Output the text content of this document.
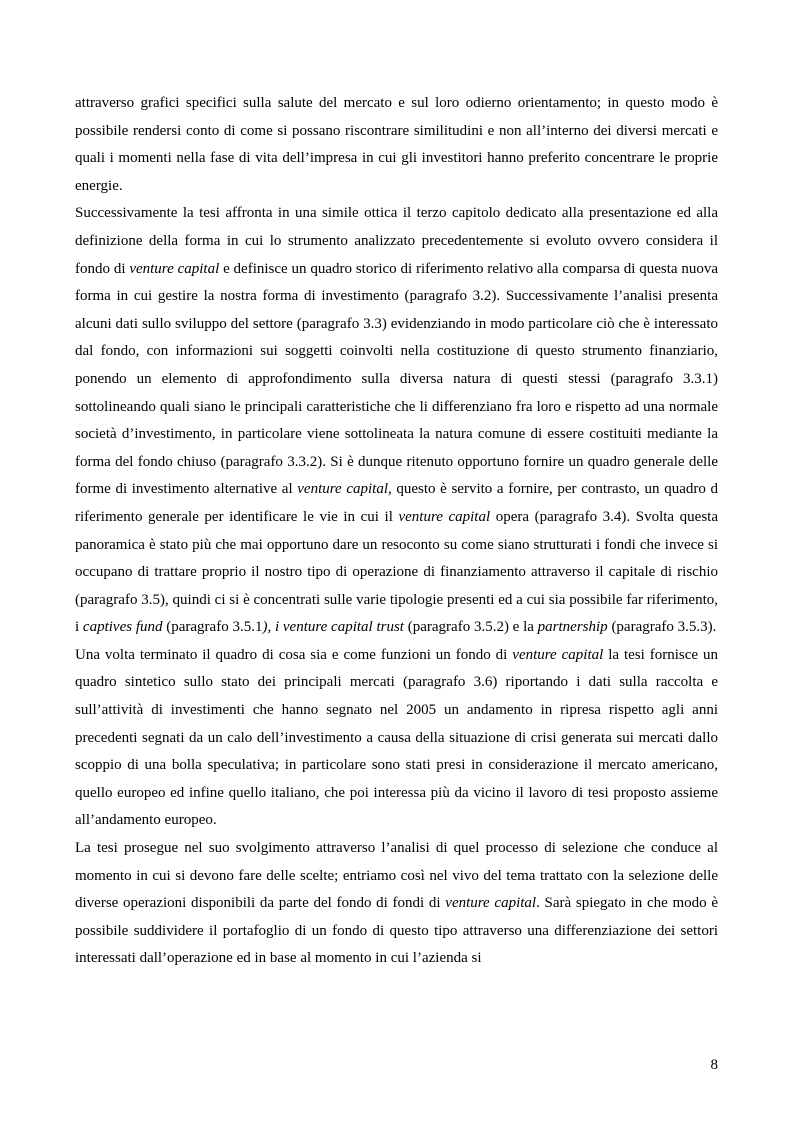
attraverso grafici specifici sulla salute del mercato e sul loro odierno orientamento; in questo modo è possibile rendersi conto di come si possano riscontrare similitudini e non all’interno dei diversi mercati e quali i momenti nella fase di vita dell’impresa in cui gli investitori hanno preferito concentrare le proprie energie.

Successivamente la tesi affronta in una simile ottica il terzo capitolo dedicato alla presentazione ed alla definizione della forma in cui lo strumento analizzato precedentemente si evoluto ovvero considera il fondo di venture capital e definisce un quadro storico di riferimento relativo alla comparsa di questa nuova forma in cui gestire la nostra forma di investimento (paragrafo 3.2). Successivamente l’analisi presenta alcuni dati sullo sviluppo del settore (paragrafo 3.3) evidenziando in modo particolare ciò che è interessato dal fondo, con informazioni sui soggetti coinvolti nella costituzione di questo strumento finanziario, ponendo un elemento di approfondimento sulla diversa natura di questi stessi (paragrafo 3.3.1) sottolineando quali siano le principali caratteristiche che li differenziano fra loro e rispetto ad una normale società d’investimento, in particolare viene sottolineata la natura comune di essere costituiti mediante la forma del fondo chiuso (paragrafo 3.3.2). Si è dunque ritenuto opportuno fornire un quadro generale delle forme di investimento alternative al venture capital, questo è servito a fornire, per contrasto, un quadro d riferimento generale per identificare le vie in cui il venture capital opera (paragrafo 3.4). Svolta questa panoramica è stato più che mai opportuno dare un resoconto su come siano strutturati i fondi che invece si occupano di trattare proprio il nostro tipo di operazione di finanziamento attraverso il capitale di rischio (paragrafo 3.5), quindi ci si è concentrati sulle varie tipologie presenti ed a cui sia possibile far riferimento, i captives fund (paragrafo 3.5.1), i venture capital trust (paragrafo 3.5.2) e la partnership (paragrafo 3.5.3).

Una volta terminato il quadro di cosa sia e come funzioni un fondo di venture capital la tesi fornisce un quadro sintetico sullo stato dei principali mercati (paragrafo 3.6) riportando i dati sulla raccolta e sull’attività di investimenti che hanno segnato nel 2005 un andamento in ripresa rispetto agli anni precedenti segnati da un calo dell’investimento a causa della situazione di crisi generata sui mercati dallo scoppio di una bolla speculativa; in particolare sono stati presi in considerazione il mercato americano, quello europeo ed infine quello italiano, che poi interessa più da vicino il lavoro di tesi proposto assieme all’andamento europeo.

La tesi prosegue nel suo svolgimento attraverso l’analisi di quel processo di selezione che conduce al momento in cui si devono fare delle scelte; entriamo così nel vivo del tema trattato con la selezione delle diverse operazioni disponibili da parte del fondo di fondi di venture capital. Sarà spiegato in che modo è possibile suddividere il portafoglio di un fondo di questo tipo attraverso una differenziazione dei settori interessati dall’operazione ed in base al momento in cui l’azienda si

8
